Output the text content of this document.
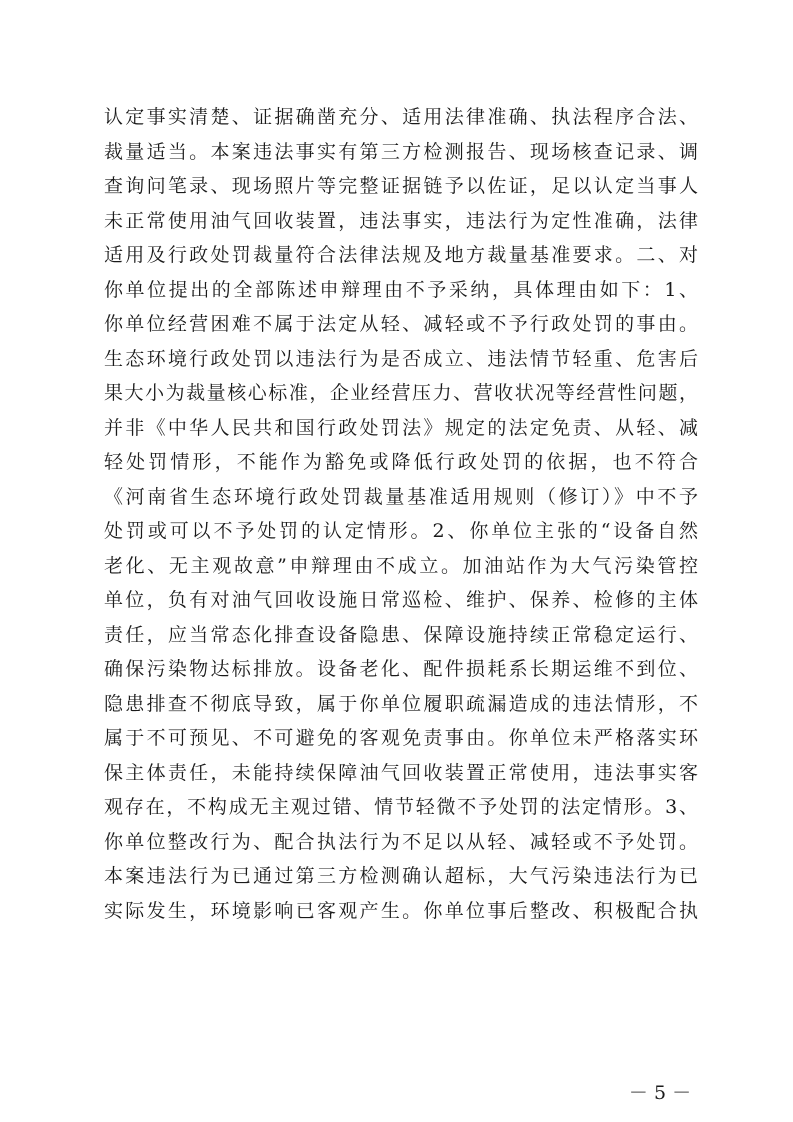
认定事实清楚、证据确凿充分、适用法律准确、执法程序合法、
裁量适当。本案违法事实有第三方检测报告、现场核查记录、调
查询问笔录、现场照片等完整证据链予以佐证，足以认定当事人
未正常使用油气回收装置，违法事实，违法行为定性准确，法律
适用及行政处罚裁量符合法律法规及地方裁量基准要求。二、对
你单位提出的全部陈述申辩理由不予采纳，具体理由如下：1、
你单位经营困难不属于法定从轻、减轻或不予行政处罚的事由。
生态环境行政处罚以违法行为是否成立、违法情节轻重、危害后
果大小为裁量核心标准，企业经营压力、营收状况等经营性问题，
并非《中华人民共和国行政处罚法》规定的法定免责、从轻、减
轻处罚情形，不能作为豁免或降低行政处罚的依据，也不符合
《河南省生态环境行政处罚裁量基准适用规则（修订）》中不予
处罚或可以不予处罚的认定情形。2、你单位主张的“设备自然
老化、无主观故意”申辩理由不成立。加油站作为大气污染管控
单位，负有对油气回收设施日常巡检、维护、保养、检修的主体
责任，应当常态化排查设备隐患、保障设施持续正常稳定运行、
确保污染物达标排放。设备老化、配件损耗系长期运维不到位、
隐患排查不彻底导致，属于你单位履职疏漏造成的违法情形，不
属于不可预见、不可避免的客观免责事由。你单位未严格落实环
保主体责任，未能持续保障油气回收装置正常使用，违法事实客
观存在，不构成无主观过错、情节轻微不予处罚的法定情形。3、
你单位整改行为、配合执法行为不足以从轻、减轻或不予处罚。
本案违法行为已通过第三方检测确认超标，大气污染违法行为已
实际发生，环境影响已客观产生。你单位事后整改、积极配合执
－ 5 －
